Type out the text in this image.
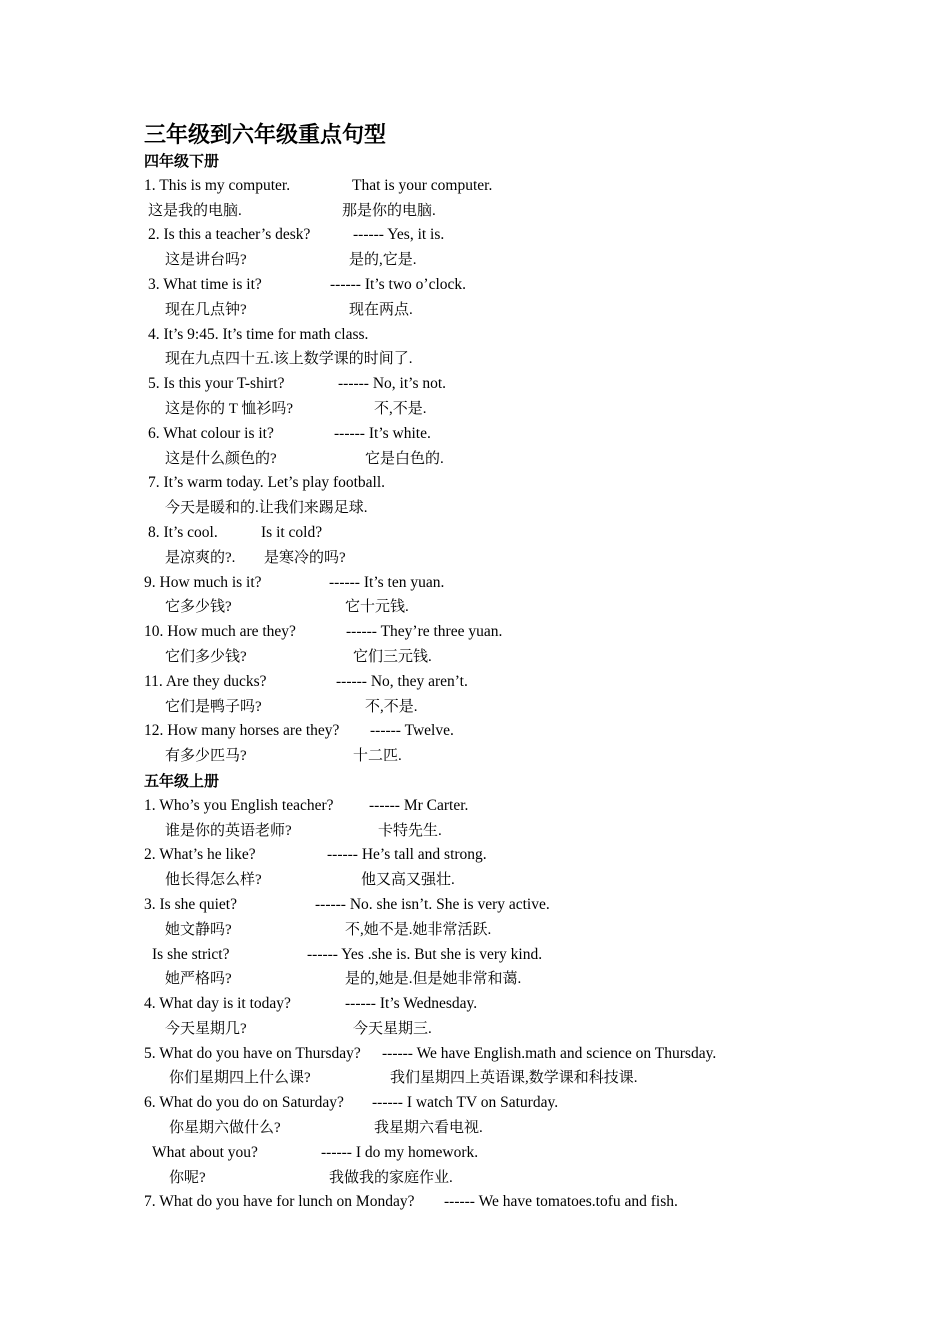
三年级到六年级重点句型
四年级下册
1. This is my computer.	That is your computer.
这是我的电脑.	那是你的电脑.
2. Is this a teacher’s desk?	------ Yes, it is.
这是讲台吗?	是的,它是.
3. What time is it?	------ It’s two o’clock.
现在几点钟?	现在两点.
4. It’s 9:45. It’s time for math class.
现在九点四十五.该上数学课的时间了.
5. Is this your T-shirt?	------ No, it’s not.
这是你的 T 恤衫吗?	不,不是.
6. What colour is it?	------ It’s white.
这是什么颜色的?	它是白色的.
7. It’s warm today. Let’s play football.
今天是暖和的.让我们来踢足球.
8. It’s cool.	Is it cold?
是凉爽的?. 是寒冷的吗?
9. How much is it?	------ It’s ten yuan.
它多少钱?	它十元钱.
10. How much are they?	------ They’re three yuan.
它们多少钱?	它们三元钱.
11. Are they ducks?	------ No, they aren’t.
它们是鸭子吗?	不,不是.
12. How many horses are they? ------ Twelve.
有多少匹马?	十二匹.
五年级上册
1. Who’s you English teacher? ------ Mr Carter.
谁是你的英语老师?	卡特先生.
2. What’s he like?	------ He’s tall and strong.
他长得怎么样?	他又高又强壮.
3. Is she quiet?	------ No. she isn’t. She is very active.
她文静吗?	不,她不是.她非常活跃.
Is she strict?	------ Yes .she is. But she is very kind.
她严格吗?	是的,她是.但是她非常和蔼.
4. What day is it today?	------ It’s Wednesday.
今天星期几?	今天星期三.
5. What do you have on Thursday? ------ We have English.math and science on Thursday.
你们星期四上什么课?	我们星期四上英语课,数学课和科技课.
6. What do you do on Saturday? ------ I watch TV on Saturday.
你星期六做什么?	我星期六看电视.
What about you?	------ I do my homework.
你呢?	我做我的家庭作业.
7. What do you have for lunch on Monday? ------ We have tomatoes.tofu and fish.
